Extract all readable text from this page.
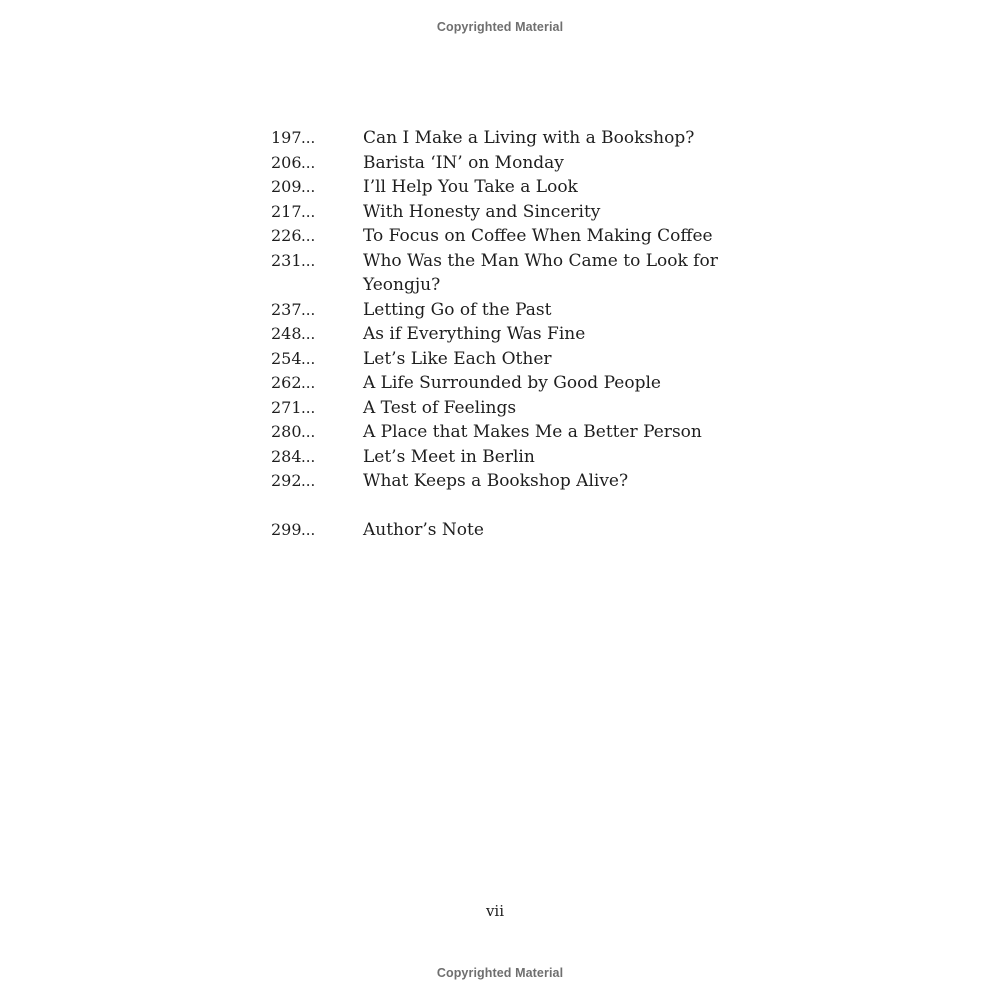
Copyrighted Material
197 ...	Can I Make a Living with a Bookshop?
206 ...	Barista ‘IN’ on Monday
209 ...	I’ll Help You Take a Look
217 ...	With Honesty and Sincerity
226 ...	To Focus on Coffee When Making Coffee
231 ...	Who Was the Man Who Came to Look for Yeongju?
237 ...	Letting Go of the Past
248 ...	As if Everything Was Fine
254 ...	Let’s Like Each Other
262 ...	A Life Surrounded by Good People
271 ...	A Test of Feelings
280 ...	A Place that Makes Me a Better Person
284 ...	Let’s Meet in Berlin
292 ...	What Keeps a Bookshop Alive?
299 ...	Author’s Note
vii
Copyrighted Material
